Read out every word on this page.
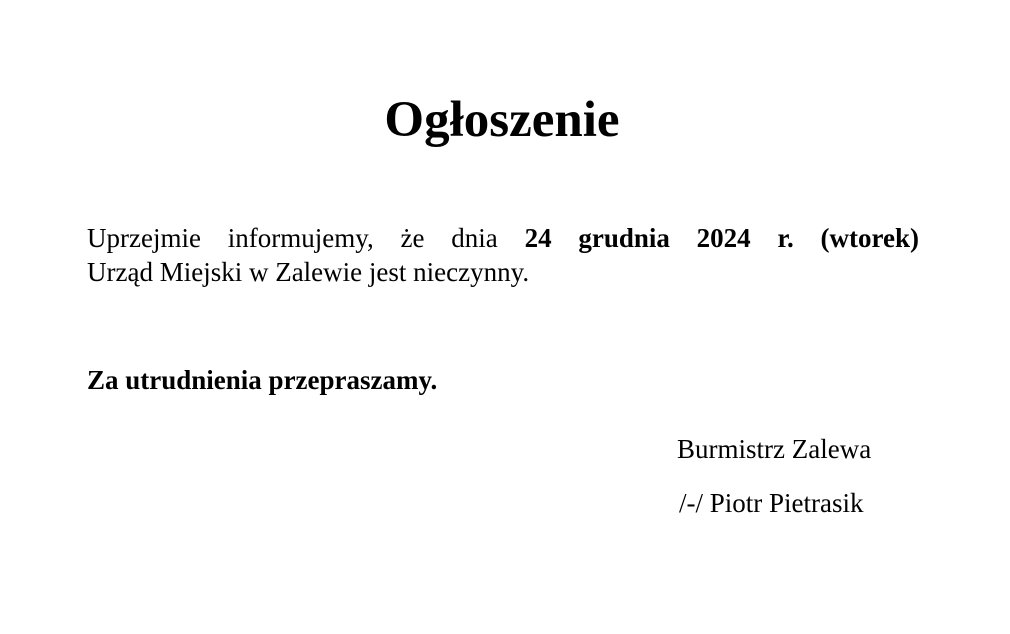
Ogłoszenie

Uprzejmie informujemy, że dnia 24 grudnia 2024 r. (wtorek)
Urząd Miejski w Zalewie jest nieczynny.

Za utrudnienia przepraszamy.

Burmistrz Zalewa

/-/ Piotr Pietrasik
